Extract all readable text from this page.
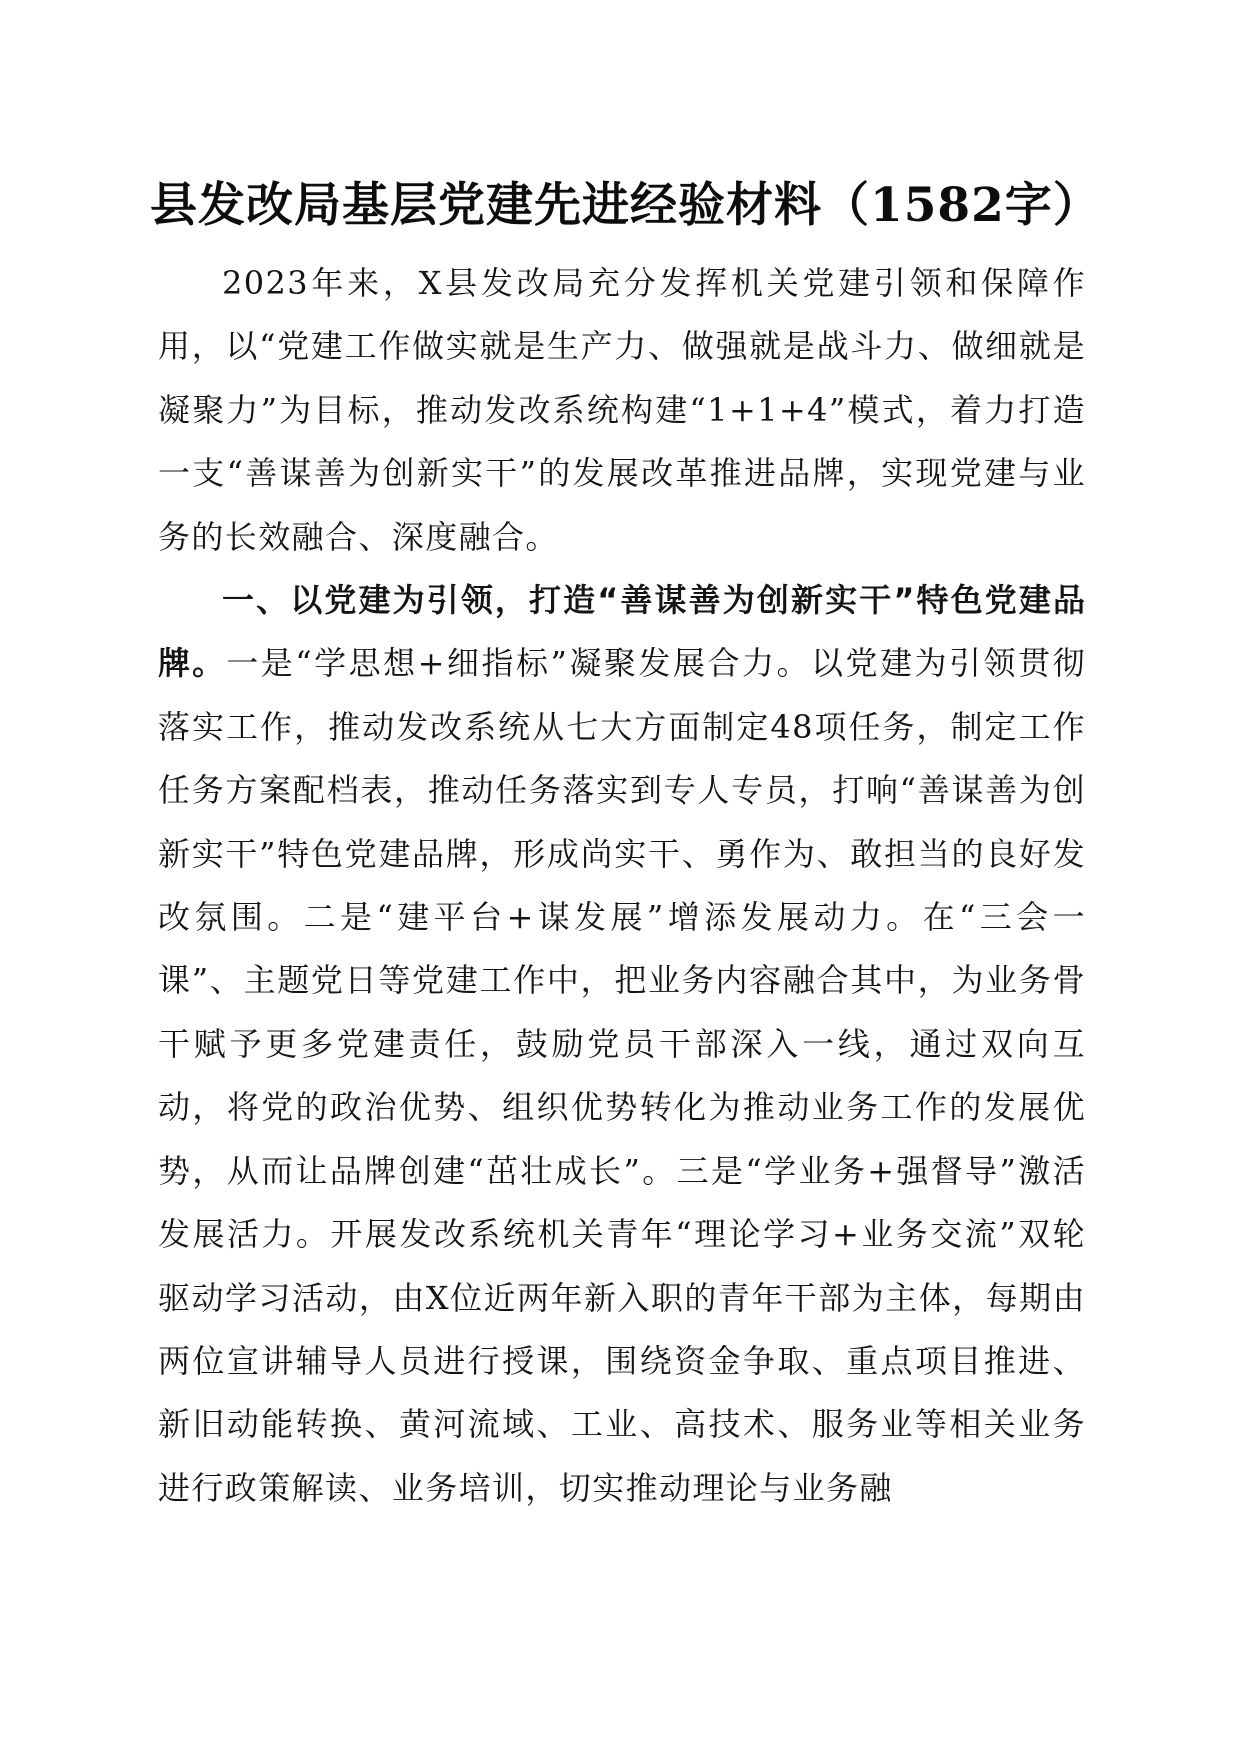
县发改局基层党建先进经验材料（1582字）

2023年来，X县发改局充分发挥机关党建引领和保障作用，以“党建工作做实就是生产力、做强就是战斗力、做细就是凝聚力”为目标，推动发改系统构建“1+1+4”模式，着力打造一支“善谋善为创新实干”的发展改革推进品牌，实现党建与业务的长效融合、深度融合。

一、以党建为引领，打造“善谋善为创新实干”特色党建品牌。一是“学思想+细指标”凝聚发展合力。以党建为引领贯彻落实工作，推动发改系统从七大方面制定48项任务，制定工作任务方案配档表，推动任务落实到专人专员，打响“善谋善为创新实干”特色党建品牌，形成尚实干、勇作为、敢担当的良好发改氛围。二是“建平台+谋发展”增添发展动力。在“三会一课”、主题党日等党建工作中，把业务内容融合其中，为业务骨干赋予更多党建责任，鼓励党员干部深入一线，通过双向互动，将党的政治优势、组织优势转化为推动业务工作的发展优势，从而让品牌创建“茁壮成长”。三是“学业务+强督导”激活发展活力。开展发改系统机关青年“理论学习+业务交流”双轮驱动学习活动，由X位近两年新入职的青年干部为主体，每期由两位宣讲辅导人员进行授课，围绕资金争取、重点项目推进、新旧动能转换、黄河流域、工业、高技术、服务业等相关业务进行政策解读、业务培训，切实推动理论与业务融
